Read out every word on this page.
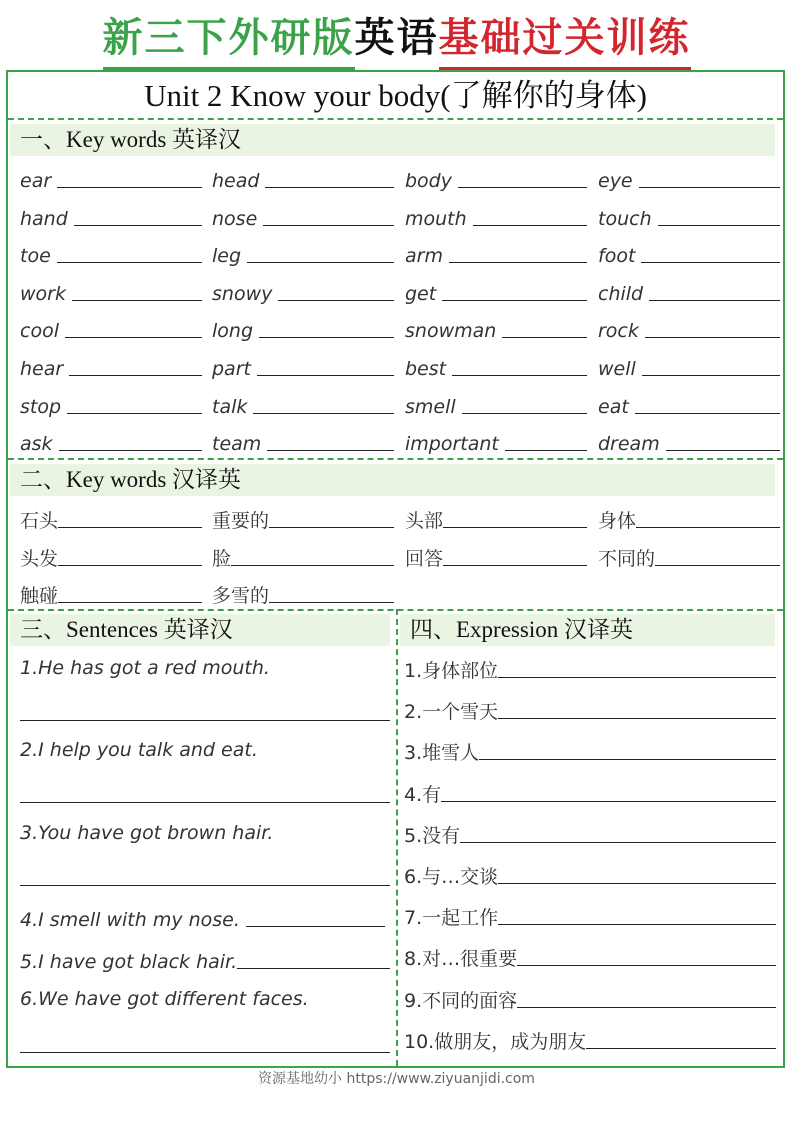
新三下外研版英语基础过关训练
Unit 2 Know your body(了解你的身体)
一、Key words 英译汉
ear	head	body	eye
hand	nose	mouth	touch
toe	leg	arm	foot
work	snowy	get	child
cool	long	snowman	rock
hear	part	best	well
stop	talk	smell	eat
ask	team	important	dream
二、Key words 汉译英
石头	重要的	头部	身体
头发	脸	回答	不同的
触碰	多雪的
三、Sentences 英译汉
1.He has got a red mouth.
2.I help you talk and eat.
3.You have got brown hair.
4.I smell with my nose.
5.I have got black hair.
6.We have got different faces.
四、Expression 汉译英
1.身体部位
2.一个雪天
3.堆雪人
4.有
5.没有
6.与…交谈
7.一起工作
8.对…很重要
9.不同的面容
10.做朋友，成为朋友
资源基地幼小 https://www.ziyuanjidi.com
